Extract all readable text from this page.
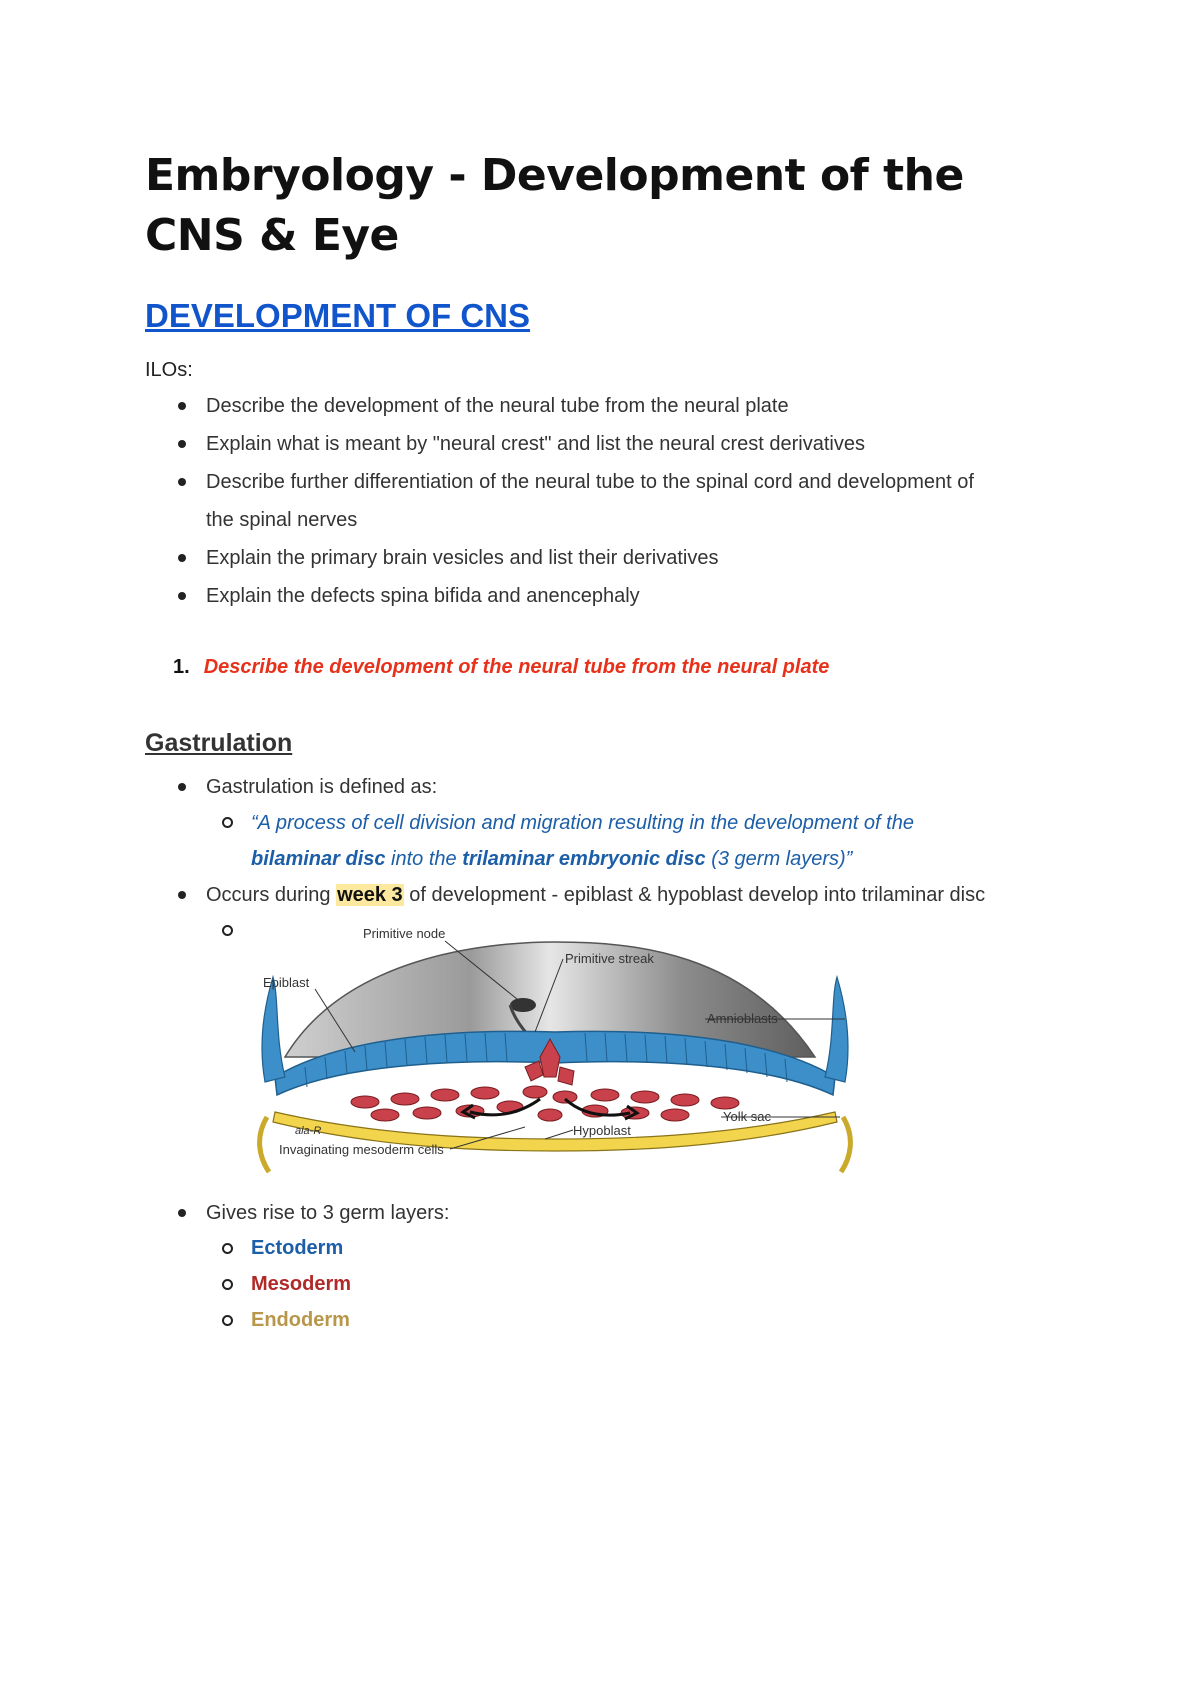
Embryology - Development of the CNS & Eye
DEVELOPMENT OF CNS
ILOs:
Describe the development of the neural tube from the neural plate
Explain what is meant by "neural crest" and list the neural crest derivatives
Describe further differentiation of the neural tube to the spinal cord and development of
the spinal nerves
Explain the primary brain vesicles and list their derivatives
Explain the defects spina bifida and anencephaly
1. Describe the development of the neural tube from the neural plate
Gastrulation
Gastrulation is defined as:
“A process of cell division and migration resulting in the development of the
bilaminar disc into the trilaminar embryonic disc (3 germ layers)”
Occurs during week 3 of development - epiblast & hypoblast develop into trilaminar disc
ala-R
Primitive node
Primitive streak
Epiblast
Amnioblasts
Yolk sac
Hypoblast
Invaginating mesoderm cells
Gives rise to 3 germ layers:
Ectoderm
Mesoderm
Endoderm
